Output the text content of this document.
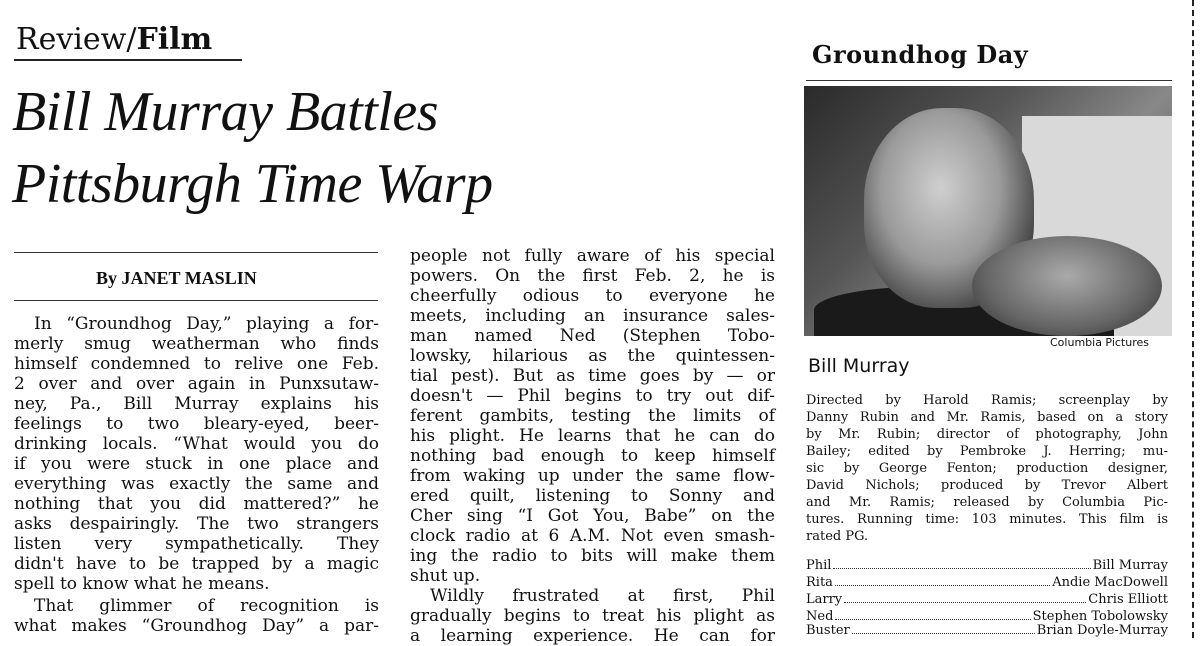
Review/Film
Bill Murray Battles
Pittsburgh Time Warp
By JANET MASLIN
In “Groundhog Day,” playing a for-
merly smug weatherman who finds
himself condemned to relive one Feb.
2 over and over again in Punxsutaw-
ney, Pa., Bill Murray explains his
feelings to two bleary-eyed, beer-
drinking locals. “What would you do
if you were stuck in one place and
everything was exactly the same and
nothing that you did mattered?” he
asks despairingly. The two strangers
listen very sympathetically. They
didn't have to be trapped by a magic
spell to know what he means.
That glimmer of recognition is
what makes “Groundhog Day” a par-
people not fully aware of his special
powers. On the first Feb. 2, he is
cheerfully odious to everyone he
meets, including an insurance sales-
man named Ned (Stephen Tobo-
lowsky, hilarious as the quintessen-
tial pest). But as time goes by — or
doesn't — Phil begins to try out dif-
ferent gambits, testing the limits of
his plight. He learns that he can do
nothing bad enough to keep himself
from waking up under the same flow-
ered quilt, listening to Sonny and
Cher sing “I Got You, Babe” on the
clock radio at 6 A.M. Not even smash-
ing the radio to bits will make them
shut up.
Wildly frustrated at first, Phil
gradually begins to treat his plight as
a learning experience. He can for
Groundhog Day
Columbia Pictures
Bill Murray
Directed by Harold Ramis; screenplay by
Danny Rubin and Mr. Ramis, based on a story
by Mr. Rubin; director of photography, John
Bailey; edited by Pembroke J. Herring; mu-
sic by George Fenton; production designer,
David Nichols; produced by Trevor Albert
and Mr. Ramis; released by Columbia Pic-
tures. Running time: 103 minutes. This film is
rated PG.
Phil	Bill Murray
Rita	Andie MacDowell
Larry	Chris Elliott
Ned	Stephen Tobolowsky
Buster	Brian Doyle-Murray
